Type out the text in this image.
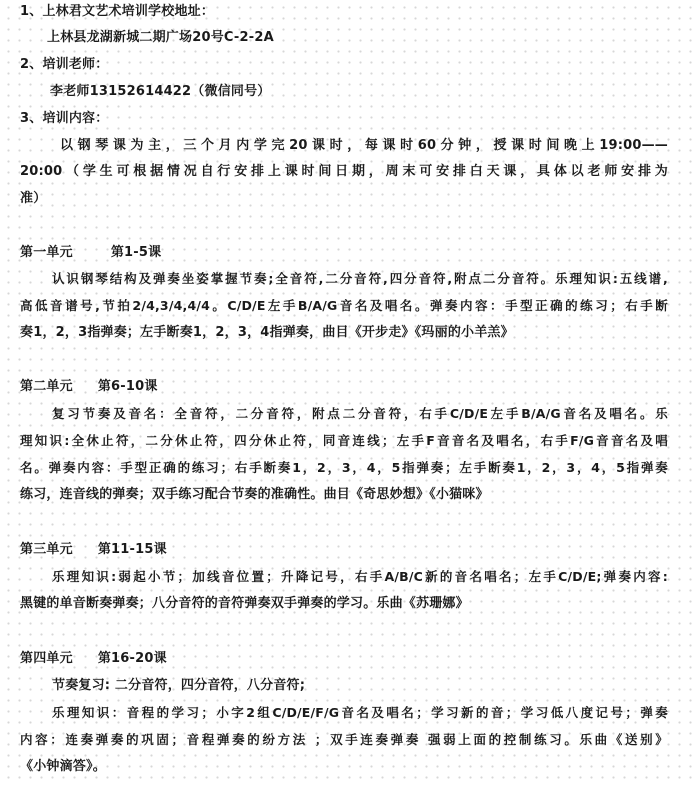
1、上林君文艺术培训学校地址：
上林县龙湖新城二期广场20号C-2-2A
2、培训老师：
李老师13152614422（微信同号）
3、培训内容：
以钢琴课为主，三个月内学完20课时，每课时60分钟，授课时间晚上19:00——
20:00（学生可根据情况自行安排上课时间日期，周末可安排白天课，具体以老师安排为
准）
第一单元	第1-5课
认识钢琴结构及弹奏坐姿掌握节奏;全音符,二分音符,四分音符,附点二分音符。乐理知识:五线谱,
高低音谱号,节拍2/4,3/4,4/4。C/D/E左手B/A/G音名及唱名。弹奏内容：手型正确的练习；右手断
奏1，2，3指弹奏；左手断奏1，2，3，4指弹奏，曲目《开步走》《玛丽的小羊羔》
第二单元 第6-10课
复习节奏及音名：全音符，二分音符，附点二分音符，右手C/D/E左手B/A/G音名及唱名。乐
理知识:全休止符，二分休止符，四分休止符，同音连线；左手F音音名及唱名，右手F/G音音名及唱
名。弹奏内容：手型正确的练习；右手断奏1，2，3，4，5指弹奏；左手断奏1，2，3，4，5指弹奏
练习，连音线的弹奏；双手练习配合节奏的准确性。曲目《奇思妙想》《小猫咪》
第三单元 第11-15课
乐理知识:弱起小节；加线音位置；升降记号，右手A/B/C新的音名唱名；左手C/D/E;弹奏内容:
黑键的单音断奏弹奏；八分音符的音符弹奏双手弹奏的学习。乐曲《苏珊娜》
第四单元 第16-20课
节奏复习: 二分音符，四分音符，八分音符;
乐理知识：音程的学习；小字2组C/D/E/F/G音名及唱名；学习新的音；学习低八度记号；弹奏
内容：连奏弹奏的巩固；音程弹奏的纷方法 ；双手连奏弹奏 强弱上面的控制练习。乐曲《送别》
《小钟滴答》。
